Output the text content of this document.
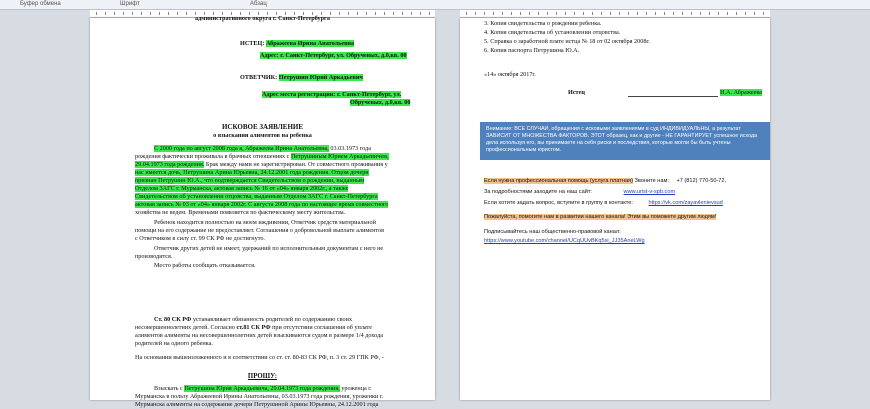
Буфер обмена	Шрифт	Абзац
административного округа г. Санкт-Петербурга
ИСТЕЦ: Абражеева Ирина Анатольевна
Адрес: г. Санкт-Петербург, ул. Обручевых, д.0,кв. 00
ОТВЕТЧИК: Петрушин Юрий Аркадьевич
Адрес места регистрации: г. Санкт-Петербург, ул.
Обручевых, д.0,кв. 00
ИСКОВОЕ ЗАЯВЛЕНИЕ
о взыскании алиментов на ребенка
С 2000 года по август 2008 года я, Абражеева Ирина Анатольевна, 03.03.1973 года
рождения фактически проживала в брачных отношениях с Петрушиным Юрием Аркадьевичем,
29.04.1973 года рождения. Брак между нами не зарегистрирован. От совместного проживания у
нас имеется дочь, Петрушина Арина Юрьевна, 24.12.2001 года рождения. Отцом дочери
признан Петрушин Ю.А., что подтверждается Свидетельством о рождении, выданным
Отделом ЗАГС г. Мурманска, актовая запись № 16 от «04» января 2002г., а также
Свидетельством об установлении отцовства, выданным Отделом ЗАГС г. Санкт-Петербурга
актовая запись № 03 от «04» января 2002г. С августа 2008 года по настоящее время совместного
хозяйства не ведем. Временами появляется по фактическому месту жительства.
Ребенок находится полностью на моем иждивении, Ответчик средств материальной
помощи на его содержание не предоставляет. Соглашения о добровольной выплате алиментов
с Ответчиком в силу ст. 99 СК РФ не достигнуто.
Ответчик других детей не имеет, удержаний по исполнительным документам с него не
производится.
Место работы сообщать отказывается.
Ст. 80 СК РФ устанавливает обязанность родителей по содержанию своих
несовершеннолетних детей. Согласно ст.81 СК РФ при отсутствии соглашения об уплате
алиментов алименты на несовершеннолетних детей взыскиваются судом в размере 1/4 дохода
родителей на одного ребенка.
На основании вышеизложенного и в соответствии со ст. ст. 80-83 СК РФ, п. 3 ст. 29 ГПК РФ, -
ПРОШУ:
Взыскать с Петрушина Юрия Аркадьевича, 29.04.1973 года рождения, уроженца г.
Мурманска в пользу Абражеевой Ирины Анатольевны, 03.03.1973 года рождения, уроженки г.
Мурманска алименты на содержание дочери Петрушиной Арины Юрьевны, 24.12.2001 года
3. Копия свидетельства о рождении ребенка.
4. Копия свидетельства об установлении отцовства.
5. Справка о заработной плате истца № 18 от 02 октября 2008г.
6. Копия паспорта Петрушина Ю.А.
«14» октября 2017г.
Истец	И.А. Абражеева
Внимание: ВСЕ СЛУЧАИ, обращения с исковыми заявлениями в суд ИНДИВИДУАЛЬНЫ, а результат ЗАВИСИТ ОТ МНОЖЕСТВА ФАКТОРОВ. ЭТОТ образец, как и другие - НЕ ГАРАНТИРУЕТ успешное исхода дела используя его, вы принимаете на себя риски и последствия, которые могли бы быть учтены профессиональным юристом.
Если нужна профессиональная помощь (услуга платная) Звоните нам: +7 (812) 770-50-72,
За подробностями заходите на наш сайт:	www.urist-v-spb.com
Если хотите задать вопрос, вступите в группу в контакте:	https://vk.com/zayavlenievsud
Пожалуйста, помогите нам в развитии нашего канала! Этим вы поможете другим людям!
Подписывайтесь наш общественно-правовой канал:
https://www.youtube.com/channel/UCqUUvBKq5si_JJ35AneLWg
